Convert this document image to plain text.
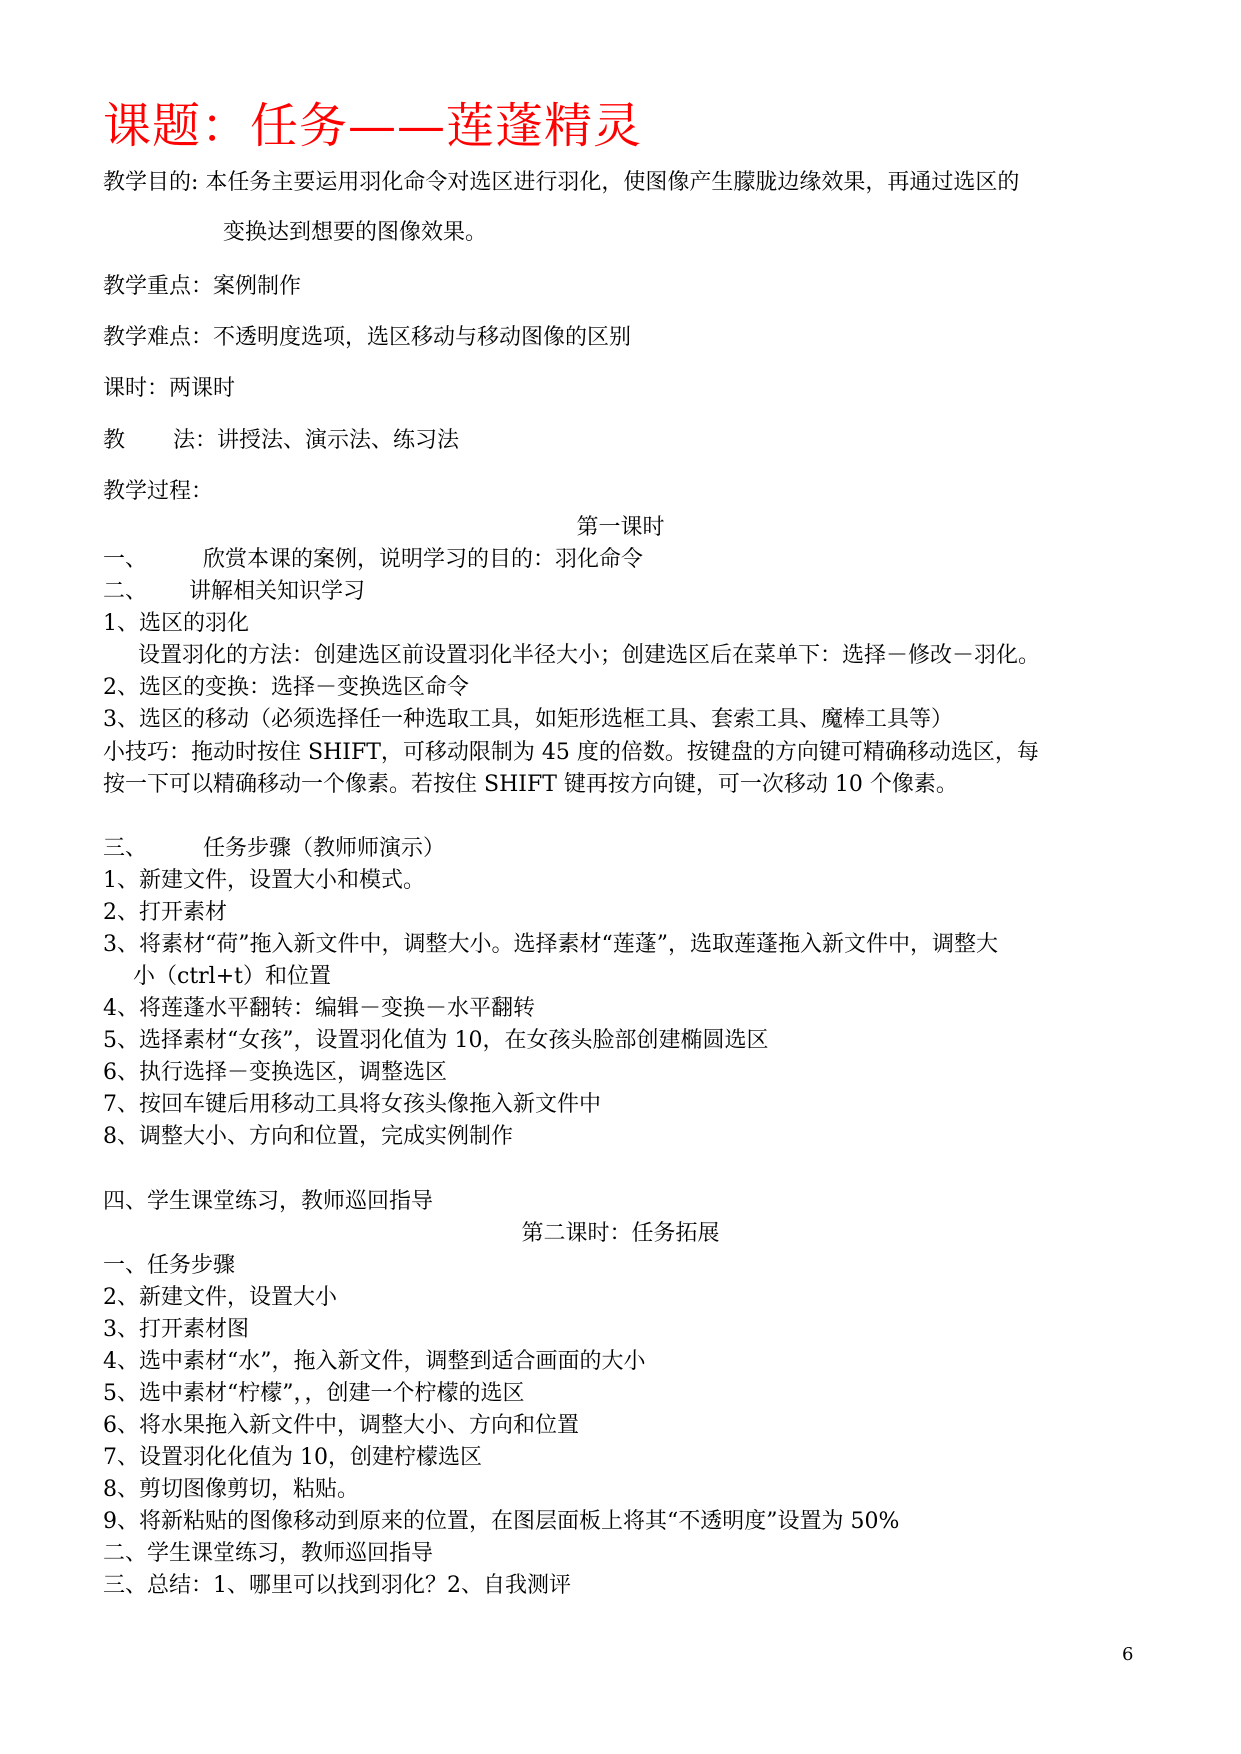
课题：任务——莲蓬精灵
教学目的: 本任务主要运用羽化命令对选区进行羽化，使图像产生朦胧边缘效果，再通过选区的
变换达到想要的图像效果。
教学重点：案例制作
教学难点：不透明度选项，选区移动与移动图像的区别
课时：两课时
教 法：讲授法、演示法、练习法
教学过程：
第一课时
一、	欣赏本课的案例，说明学习的目的：羽化命令
二、 讲解相关知识学习
1、选区的羽化
设置羽化的方法：创建选区前设置羽化半径大小；创建选区后在菜单下：选择－修改－羽化。
2、选区的变换：选择－变换选区命令
3、选区的移动（必须选择任一种选取工具，如矩形选框工具、套索工具、魔棒工具等）
小技巧：拖动时按住 SHIFT，可移动限制为 45 度的倍数。按键盘的方向键可精确移动选区，每
按一下可以精确移动一个像素。若按住 SHIFT 键再按方向键，可一次移动 10 个像素。
三、	任务步骤（教师师演示）
1、新建文件，设置大小和模式。
2、打开素材
3、将素材“荷”拖入新文件中，调整大小。选择素材“莲蓬”，选取莲蓬拖入新文件中，调整大
小（ctrl+t）和位置
4、将莲蓬水平翻转：编辑－变换－水平翻转
5、选择素材“女孩”，设置羽化值为 10，在女孩头脸部创建椭圆选区
6、执行选择－变换选区，调整选区
7、按回车键后用移动工具将女孩头像拖入新文件中
8、调整大小、方向和位置，完成实例制作
四、学生课堂练习，教师巡回指导
第二课时：任务拓展
一、任务步骤
2、新建文件，设置大小
3、打开素材图
4、选中素材“水”，拖入新文件，调整到适合画面的大小
5、选中素材“柠檬”，，创建一个柠檬的选区
6、将水果拖入新文件中，调整大小、方向和位置
7、设置羽化化值为 10，创建柠檬选区
8、剪切图像剪切，粘贴。
9、将新粘贴的图像移动到原来的位置，在图层面板上将其“不透明度”设置为 50%
二、学生课堂练习，教师巡回指导
三、总结：1、哪里可以找到羽化？2、自我测评
6
